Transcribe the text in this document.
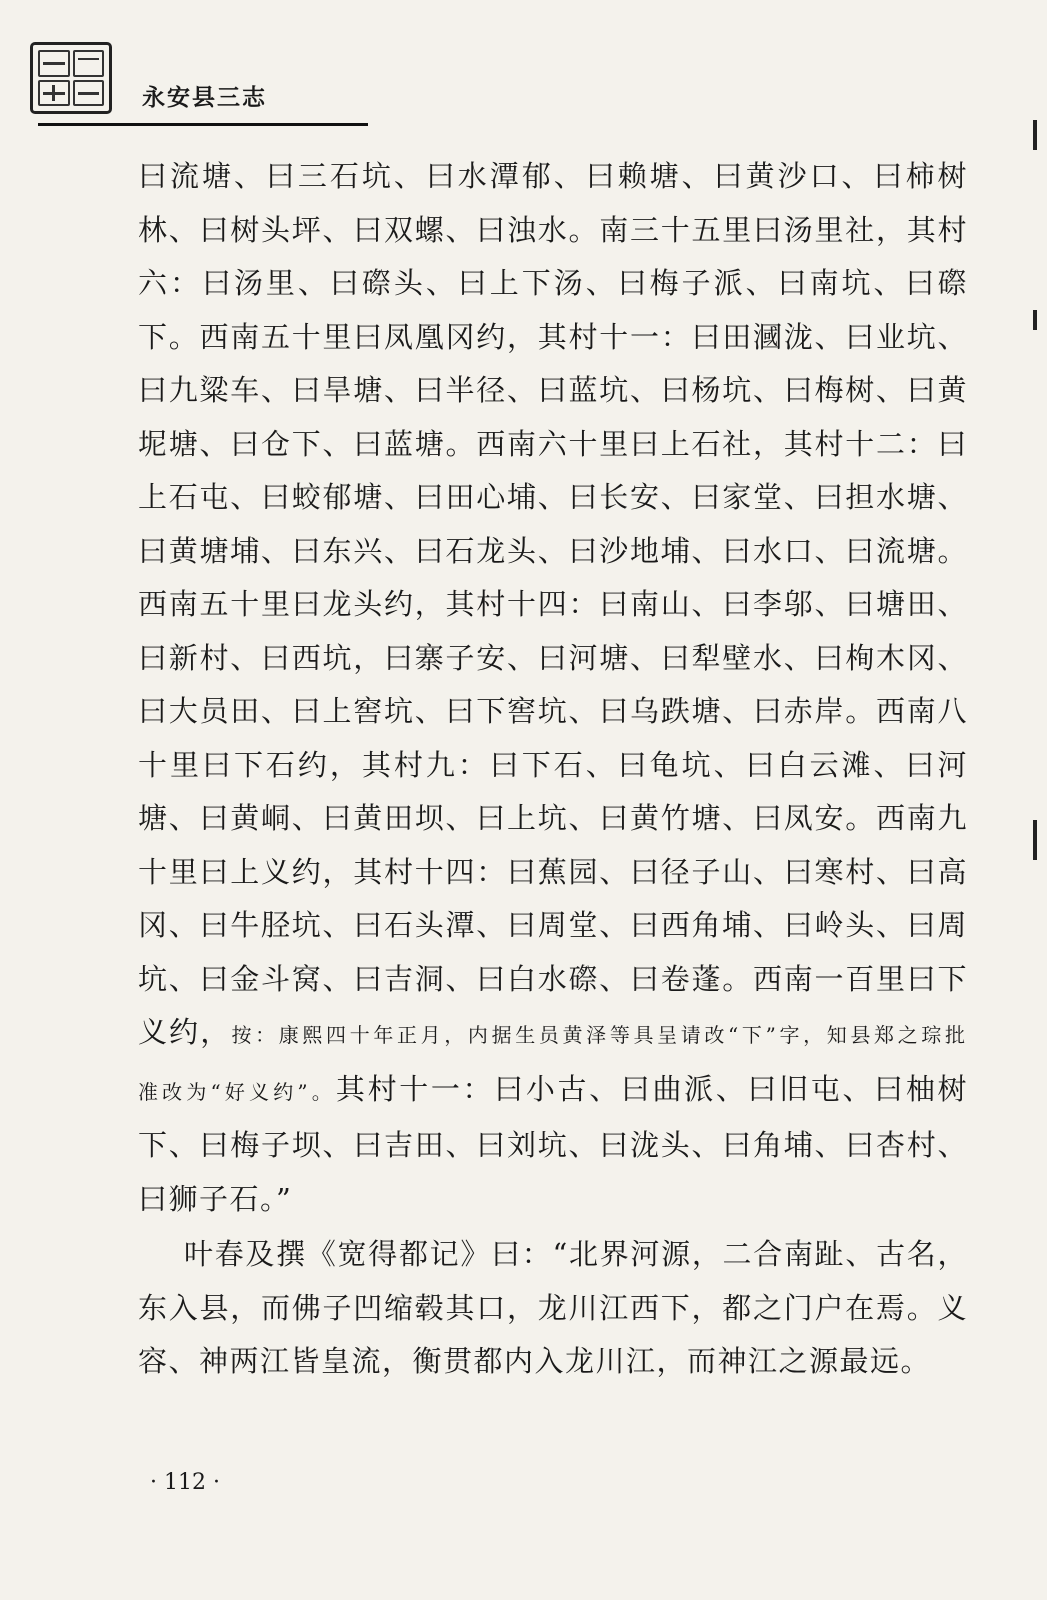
永安县三志

曰流塘、曰三石坑、曰水潭郁、曰赖塘、曰黄沙口、曰柿树林、曰树头坪、曰双螺、曰浊水。南三十五里曰汤里社，其村六：曰汤里、曰磜头、曰上下汤、曰梅子派、曰南坑、曰磜下。西南五十里曰凤凰冈约，其村十一：曰田漍泷、曰业坑、曰九粱车、曰旱塘、曰半径、曰蓝坑、曰杨坑、曰梅树、曰黄坭塘、曰仓下、曰蓝塘。西南六十里曰上石社，其村十二：曰上石屯、曰蛟郁塘、曰田心埔、曰长安、曰家堂、曰担水塘、曰黄塘埔、曰东兴、曰石龙头、曰沙地埔、曰水口、曰流塘。西南五十里曰龙头约，其村十四：曰南山、曰李邬、曰塘田、曰新村、曰西坑，曰寨子安、曰河塘、曰犁壁水、曰栒木冈、曰大员田、曰上窖坑、曰下窖坑、曰乌跌塘、曰赤岸。西南八十里曰下石约，其村九：曰下石、曰龟坑、曰白云滩、曰河塘、曰黄峒、曰黄田坝、曰上坑、曰黄竹塘、曰凤安。西南九十里曰上义约，其村十四：曰蕉园、曰径子山、曰寒村、曰高冈、曰牛胫坑、曰石头潭、曰周堂、曰西角埔、曰岭头、曰周坑、曰金斗窝、曰吉洞、曰白水磜、曰卷蓬。西南一百里曰下义约，按：康熙四十年正月，内据生员黄泽等具呈请改“下”字，知县郑之琮批准改为“好义约”。其村十一：曰小古、曰曲派、曰旧屯、曰柚树下、曰梅子坝、曰吉田、曰刘坑、曰泷头、曰角埔、曰杏村、曰狮子石。”

叶春及撰《宽得都记》曰：“北界河源，二合南趾、古名，东入县，而佛子凹缩毂其口，龙川江西下，都之门户在焉。义容、神两江皆皇流，衡贯都内入龙川江，而神江之源最远。

· 112 ·
